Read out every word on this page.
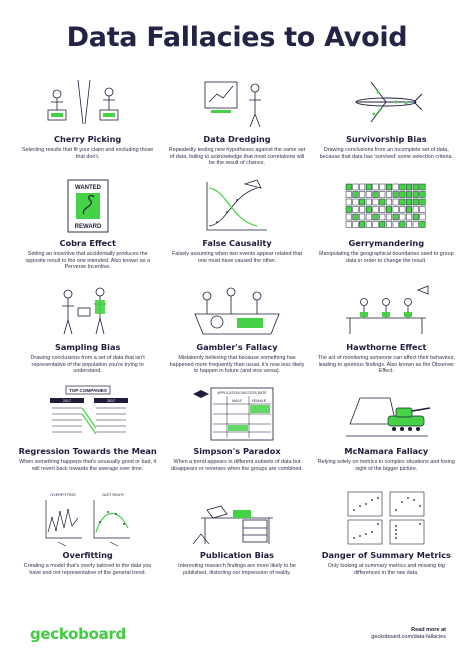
Data Fallacies to Avoid
Cherry Picking
Selecting results that fit your claim and excluding those that don't.
Data Dredging
Repeatedly testing new hypotheses against the same set of data, failing to acknowledge that most correlations will be the result of chance.
Survivorship Bias
Drawing conclusions from an incomplete set of data, because that data has 'survived' some selection criteria.
WANTED
REWARD
Cobra Effect
Setting an incentive that accidentally produces the opposite result to the one intended. Also known as a Perverse Incentive.
False Causality
Falsely assuming when two events appear related that one must have caused the other.
Gerrymandering
Manipulating the geographical boundaries used to group data in order to change the result.
Sampling Bias
Drawing conclusions from a set of data that isn't representative of the population you're trying to understand.
Gambler's Fallacy
Mistakenly believing that because something has happened more frequently than usual, it's now less likely to happen in future (and vice versa).
Hawthorne Effect
The act of monitoring someone can affect their behaviour, leading to spurious findings. Also known as the Observer Effect.
TOP COMPANIES
2017	2017
Regression Towards the Mean
When something happens that's unusually good or bad, it will revert back towards the average over time.
APPLICATION SUCCESS RATE
MALE	FEMALE
Simpson's Paradox
When a trend appears in different subsets of data but disappears or reverses when the groups are combined.
McNamara Fallacy
Relying solely on metrics in complex situations and losing sight of the bigger picture.
OVERFITTING	JUST RIGHT
Overfitting
Creating a model that's overly tailored to the data you have and not representative of the general trend.
Publication Bias
Interesting research findings are more likely to be published, distorting our impression of reality.
Danger of Summary Metrics
Only looking at summary metrics and missing big differences in the raw data.
geckoboard	Read more at
geckoboard.com/data-fallacies
